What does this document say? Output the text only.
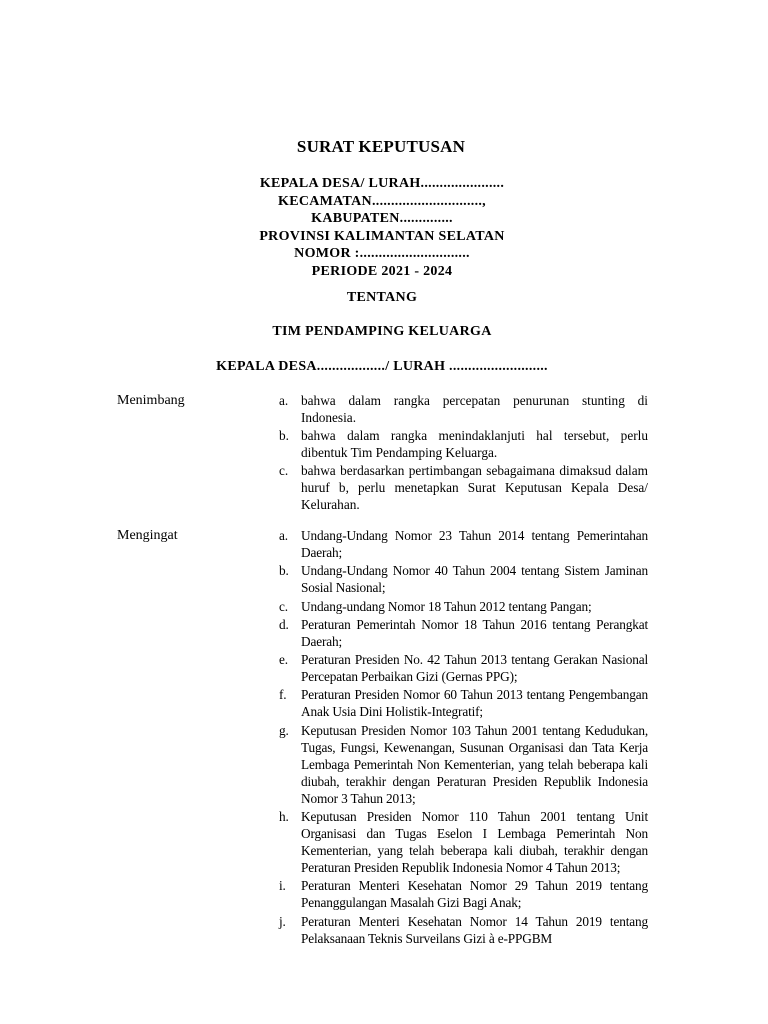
SURAT KEPUTUSAN
KEPALA DESA/ LURAH......................
KECAMATAN.............................,
KABUPATEN..............
PROVINSI KALIMANTAN SELATAN
NOMOR :.............................
PERIODE 2021 - 2024
TENTANG
TIM PENDAMPING KELUARGA
KEPALA DESA................../ LURAH ..........................
Menimbang	a. bahwa dalam rangka percepatan penurunan stunting di Indonesia.
b. bahwa dalam rangka menindaklanjuti hal tersebut, perlu dibentuk Tim Pendamping Keluarga.
c. bahwa berdasarkan pertimbangan sebagaimana dimaksud dalam huruf b, perlu menetapkan Surat Keputusan Kepala Desa/ Kelurahan.
Mengingat	a. Undang-Undang Nomor 23 Tahun 2014 tentang Pemerintahan Daerah;
b. Undang-Undang Nomor 40 Tahun 2004 tentang Sistem Jaminan Sosial Nasional;
c. Undang-undang Nomor 18 Tahun 2012 tentang Pangan;
d. Peraturan Pemerintah Nomor 18 Tahun 2016 tentang Perangkat Daerah;
e. Peraturan Presiden No. 42 Tahun 2013 tentang Gerakan Nasional Percepatan Perbaikan Gizi (Gernas PPG);
f.	Peraturan Presiden Nomor 60 Tahun 2013 tentang Pengembangan Anak Usia Dini Holistik-Integratif;
g. Keputusan Presiden Nomor 103 Tahun 2001 tentang Kedudukan, Tugas, Fungsi, Kewenangan, Susunan Organisasi dan Tata Kerja Lembaga Pemerintah Non Kementerian, yang telah beberapa kali diubah, terakhir dengan Peraturan Presiden Republik Indonesia Nomor 3 Tahun 2013;
h. Keputusan Presiden Nomor 110 Tahun 2001 tentang Unit Organisasi dan Tugas Eselon I Lembaga Pemerintah Non Kementerian, yang telah beberapa kali diubah, terakhir dengan Peraturan Presiden Republik Indonesia Nomor 4 Tahun 2013;
i.	Peraturan Menteri Kesehatan Nomor 29 Tahun 2019 tentang Penanggulangan Masalah Gizi Bagi Anak;
j.	Peraturan Menteri Kesehatan Nomor 14 Tahun 2019 tentang Pelaksanaan Teknis Surveilans Gizi à e-PPGBM
